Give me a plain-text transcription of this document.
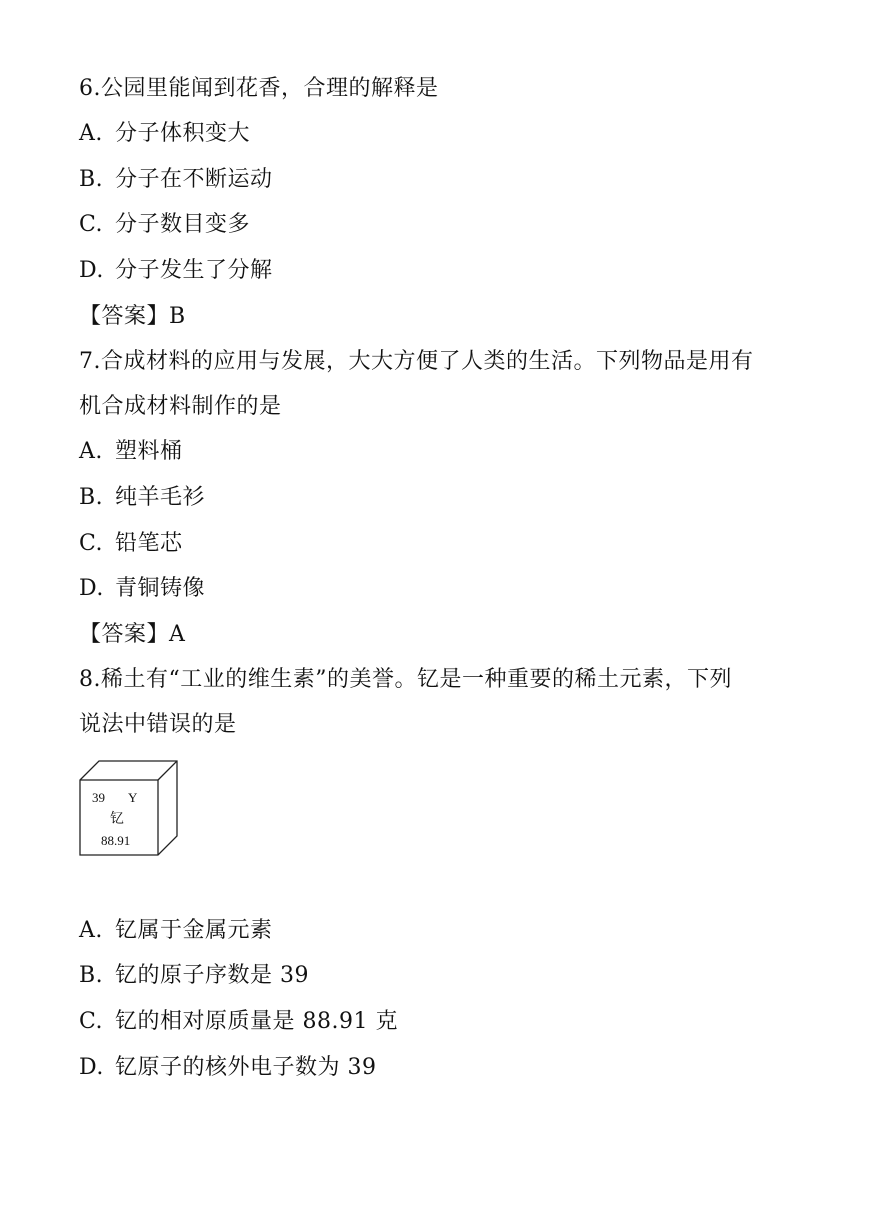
6.公园里能闻到花香，合理的解释是
A. 分子体积变大
B. 分子在不断运动
C. 分子数目变多
D. 分子发生了分解
【答案】B
7.合成材料的应用与发展，大大方便了人类的生活。下列物品是用有
机合成材料制作的是
A. 塑料桶
B. 纯羊毛衫
C. 铅笔芯
D. 青铜铸像
【答案】A
8.稀土有“工业的维生素”的美誉。钇是一种重要的稀土元素，下列
说法中错误的是
39 Y
钇
88.91
A. 钇属于金属元素
B. 钇的原子序数是 39
C. 钇的相对原质量是 88.91 克
D. 钇原子的核外电子数为 39
